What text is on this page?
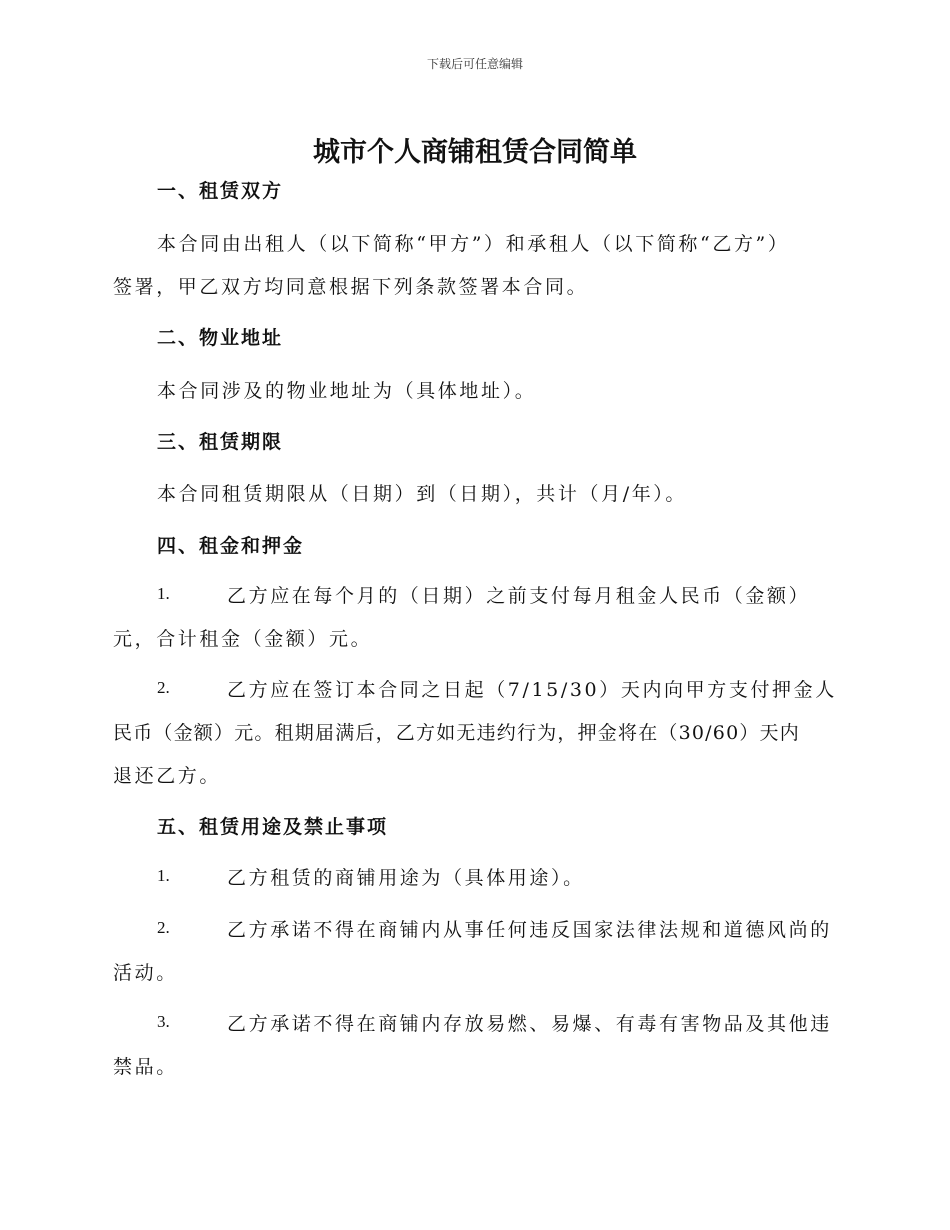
下载后可任意编辑
城市个人商铺租赁合同简单
一、租赁双方
本合同由出租人（以下简称“甲方”）和承租人（以下简称“乙方”）
签署，甲乙双方均同意根据下列条款签署本合同。
二、物业地址
本合同涉及的物业地址为（具体地址）。
三、租赁期限
本合同租赁期限从（日期）到（日期），共计（月/年）。
四、租金和押金
1.	乙方应在每个月的（日期）之前支付每月租金人民币（金额）
元，合计租金（金额）元。
2.	乙方应在签订本合同之日起（7/15/30）天内向甲方支付押金人
民币（金额）元。租期届满后，乙方如无违约行为，押金将在（30/60）天内
退还乙方。
五、租赁用途及禁止事项
1.	乙方租赁的商铺用途为（具体用途）。
2.	乙方承诺不得在商铺内从事任何违反国家法律法规和道德风尚的
活动。
3.	乙方承诺不得在商铺内存放易燃、易爆、有毒有害物品及其他违
禁品。
